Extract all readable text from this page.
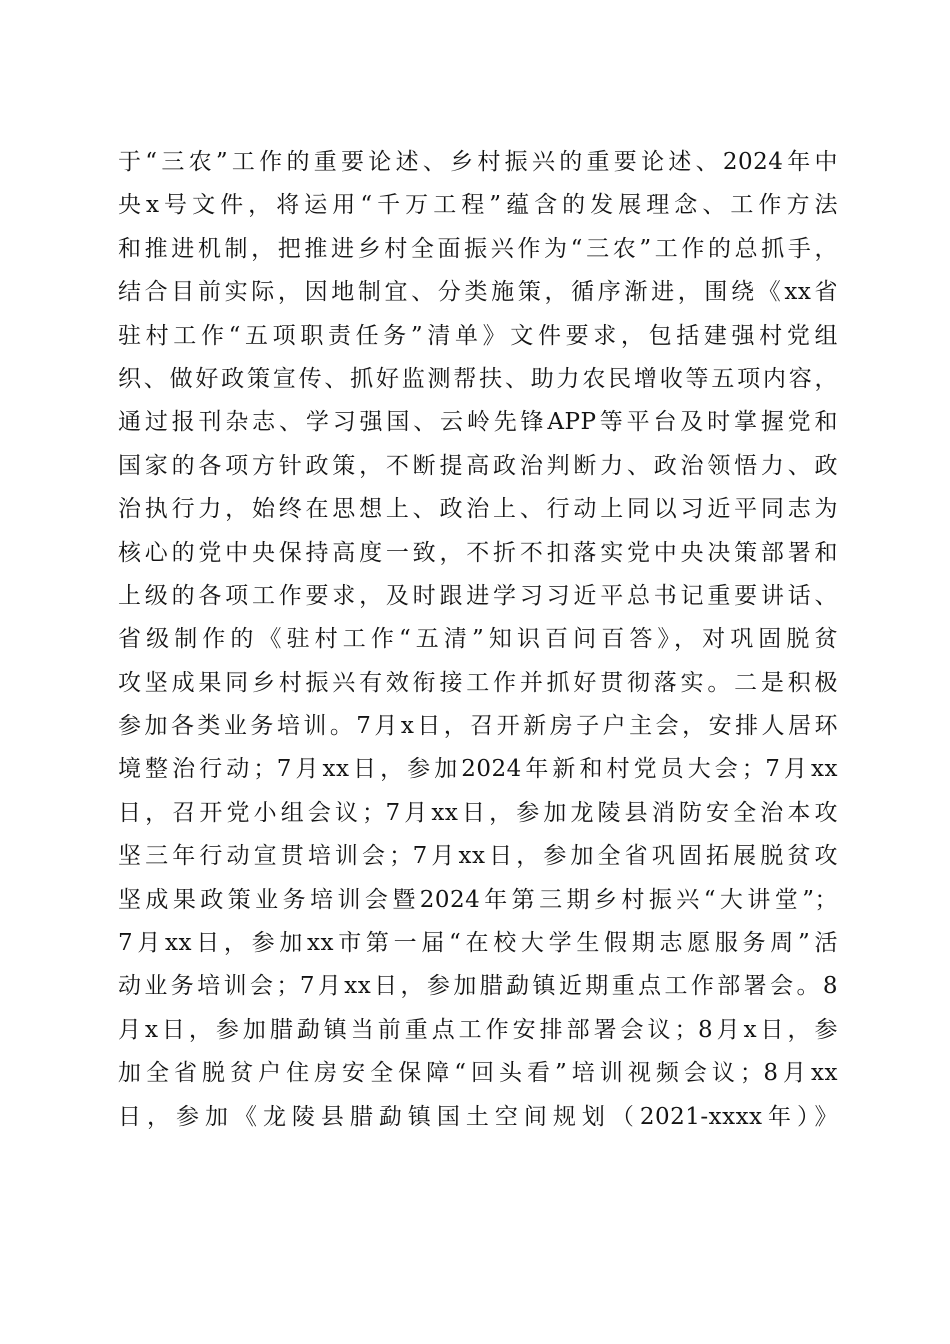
于“三农”工作的重要论述、乡村振兴的重要论述、2024年中
央x号文件，将运用“千万工程”蕴含的发展理念、工作方法
和推进机制，把推进乡村全面振兴作为“三农”工作的总抓手，
结合目前实际，因地制宜、分类施策，循序渐进，围绕《xx省
驻村工作“五项职责任务”清单》文件要求，包括建强村党组
织、做好政策宣传、抓好监测帮扶、助力农民增收等五项内容，
通过报刊杂志、学习强国、云岭先锋APP等平台及时掌握党和
国家的各项方针政策，不断提高政治判断力、政治领悟力、政
治执行力，始终在思想上、政治上、行动上同以习近平同志为
核心的党中央保持高度一致，不折不扣落实党中央决策部署和
上级的各项工作要求，及时跟进学习习近平总书记重要讲话、
省级制作的《驻村工作“五清”知识百问百答》，对巩固脱贫
攻坚成果同乡村振兴有效衔接工作并抓好贯彻落实。二是积极
参加各类业务培训。7月x日，召开新房子户主会，安排人居环
境整治行动；7月xx日，参加2024年新和村党员大会；7月xx
日，召开党小组会议；7月xx日，参加龙陵县消防安全治本攻
坚三年行动宣贯培训会；7月xx日，参加全省巩固拓展脱贫攻
坚成果政策业务培训会暨2024年第三期乡村振兴“大讲堂”；
7月xx日，参加xx市第一届“在校大学生假期志愿服务周”活
动业务培训会；7月xx日，参加腊勐镇近期重点工作部署会。8
月x日，参加腊勐镇当前重点工作安排部署会议；8月x日，参
加全省脱贫户住房安全保障“回头看”培训视频会议；8月xx
日，参加《龙陵县腊勐镇国土空间规划（2021-xxxx年）》
